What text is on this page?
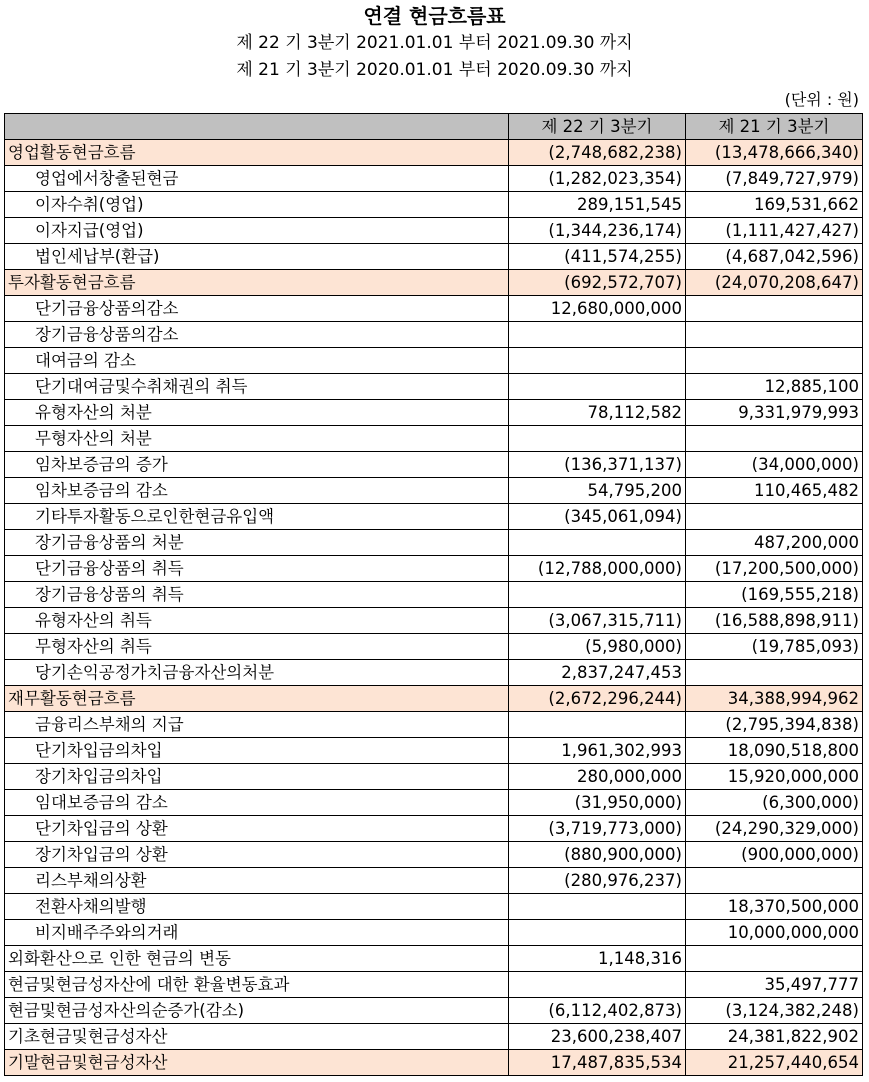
연결 현금흐름표
제 22 기 3분기 2021.01.01 부터 2021.09.30 까지
제 21 기 3분기 2020.01.01 부터 2020.09.30 까지
(단위 : 원)
	제 22 기 3분기	제 21 기 3분기
영업활동현금흐름	(2,748,682,238)	(13,478,666,340)
영업에서창출된현금	(1,282,023,354)	(7,849,727,979)
이자수취(영업)	289,151,545	169,531,662
이자지급(영업)	(1,344,236,174)	(1,111,427,427)
법인세납부(환급)	(411,574,255)	(4,687,042,596)
투자활동현금흐름	(692,572,707)	(24,070,208,647)
단기금융상품의감소	12,680,000,000	
장기금융상품의감소		
대여금의 감소		
단기대여금및수취채권의 취득		12,885,100
유형자산의 처분	78,112,582	9,331,979,993
무형자산의 처분		
임차보증금의 증가	(136,371,137)	(34,000,000)
임차보증금의 감소	54,795,200	110,465,482
기타투자활동으로인한현금유입액	(345,061,094)	
장기금융상품의 처분		487,200,000
단기금융상품의 취득	(12,788,000,000)	(17,200,500,000)
장기금융상품의 취득		(169,555,218)
유형자산의 취득	(3,067,315,711)	(16,588,898,911)
무형자산의 취득	(5,980,000)	(19,785,093)
당기손익공정가치금융자산의처분	2,837,247,453	
재무활동현금흐름	(2,672,296,244)	34,388,994,962
금융리스부채의 지급		(2,795,394,838)
단기차입금의차입	1,961,302,993	18,090,518,800
장기차입금의차입	280,000,000	15,920,000,000
임대보증금의 감소	(31,950,000)	(6,300,000)
단기차입금의 상환	(3,719,773,000)	(24,290,329,000)
장기차입금의 상환	(880,900,000)	(900,000,000)
리스부채의상환	(280,976,237)	
전환사채의발행		18,370,500,000
비지배주주와의거래		10,000,000,000
외화환산으로 인한 현금의 변동	1,148,316	
현금및현금성자산에 대한 환율변동효과		35,497,777
현금및현금성자산의순증가(감소)	(6,112,402,873)	(3,124,382,248)
기초현금및현금성자산	23,600,238,407	24,381,822,902
기말현금및현금성자산	17,487,835,534	21,257,440,654
